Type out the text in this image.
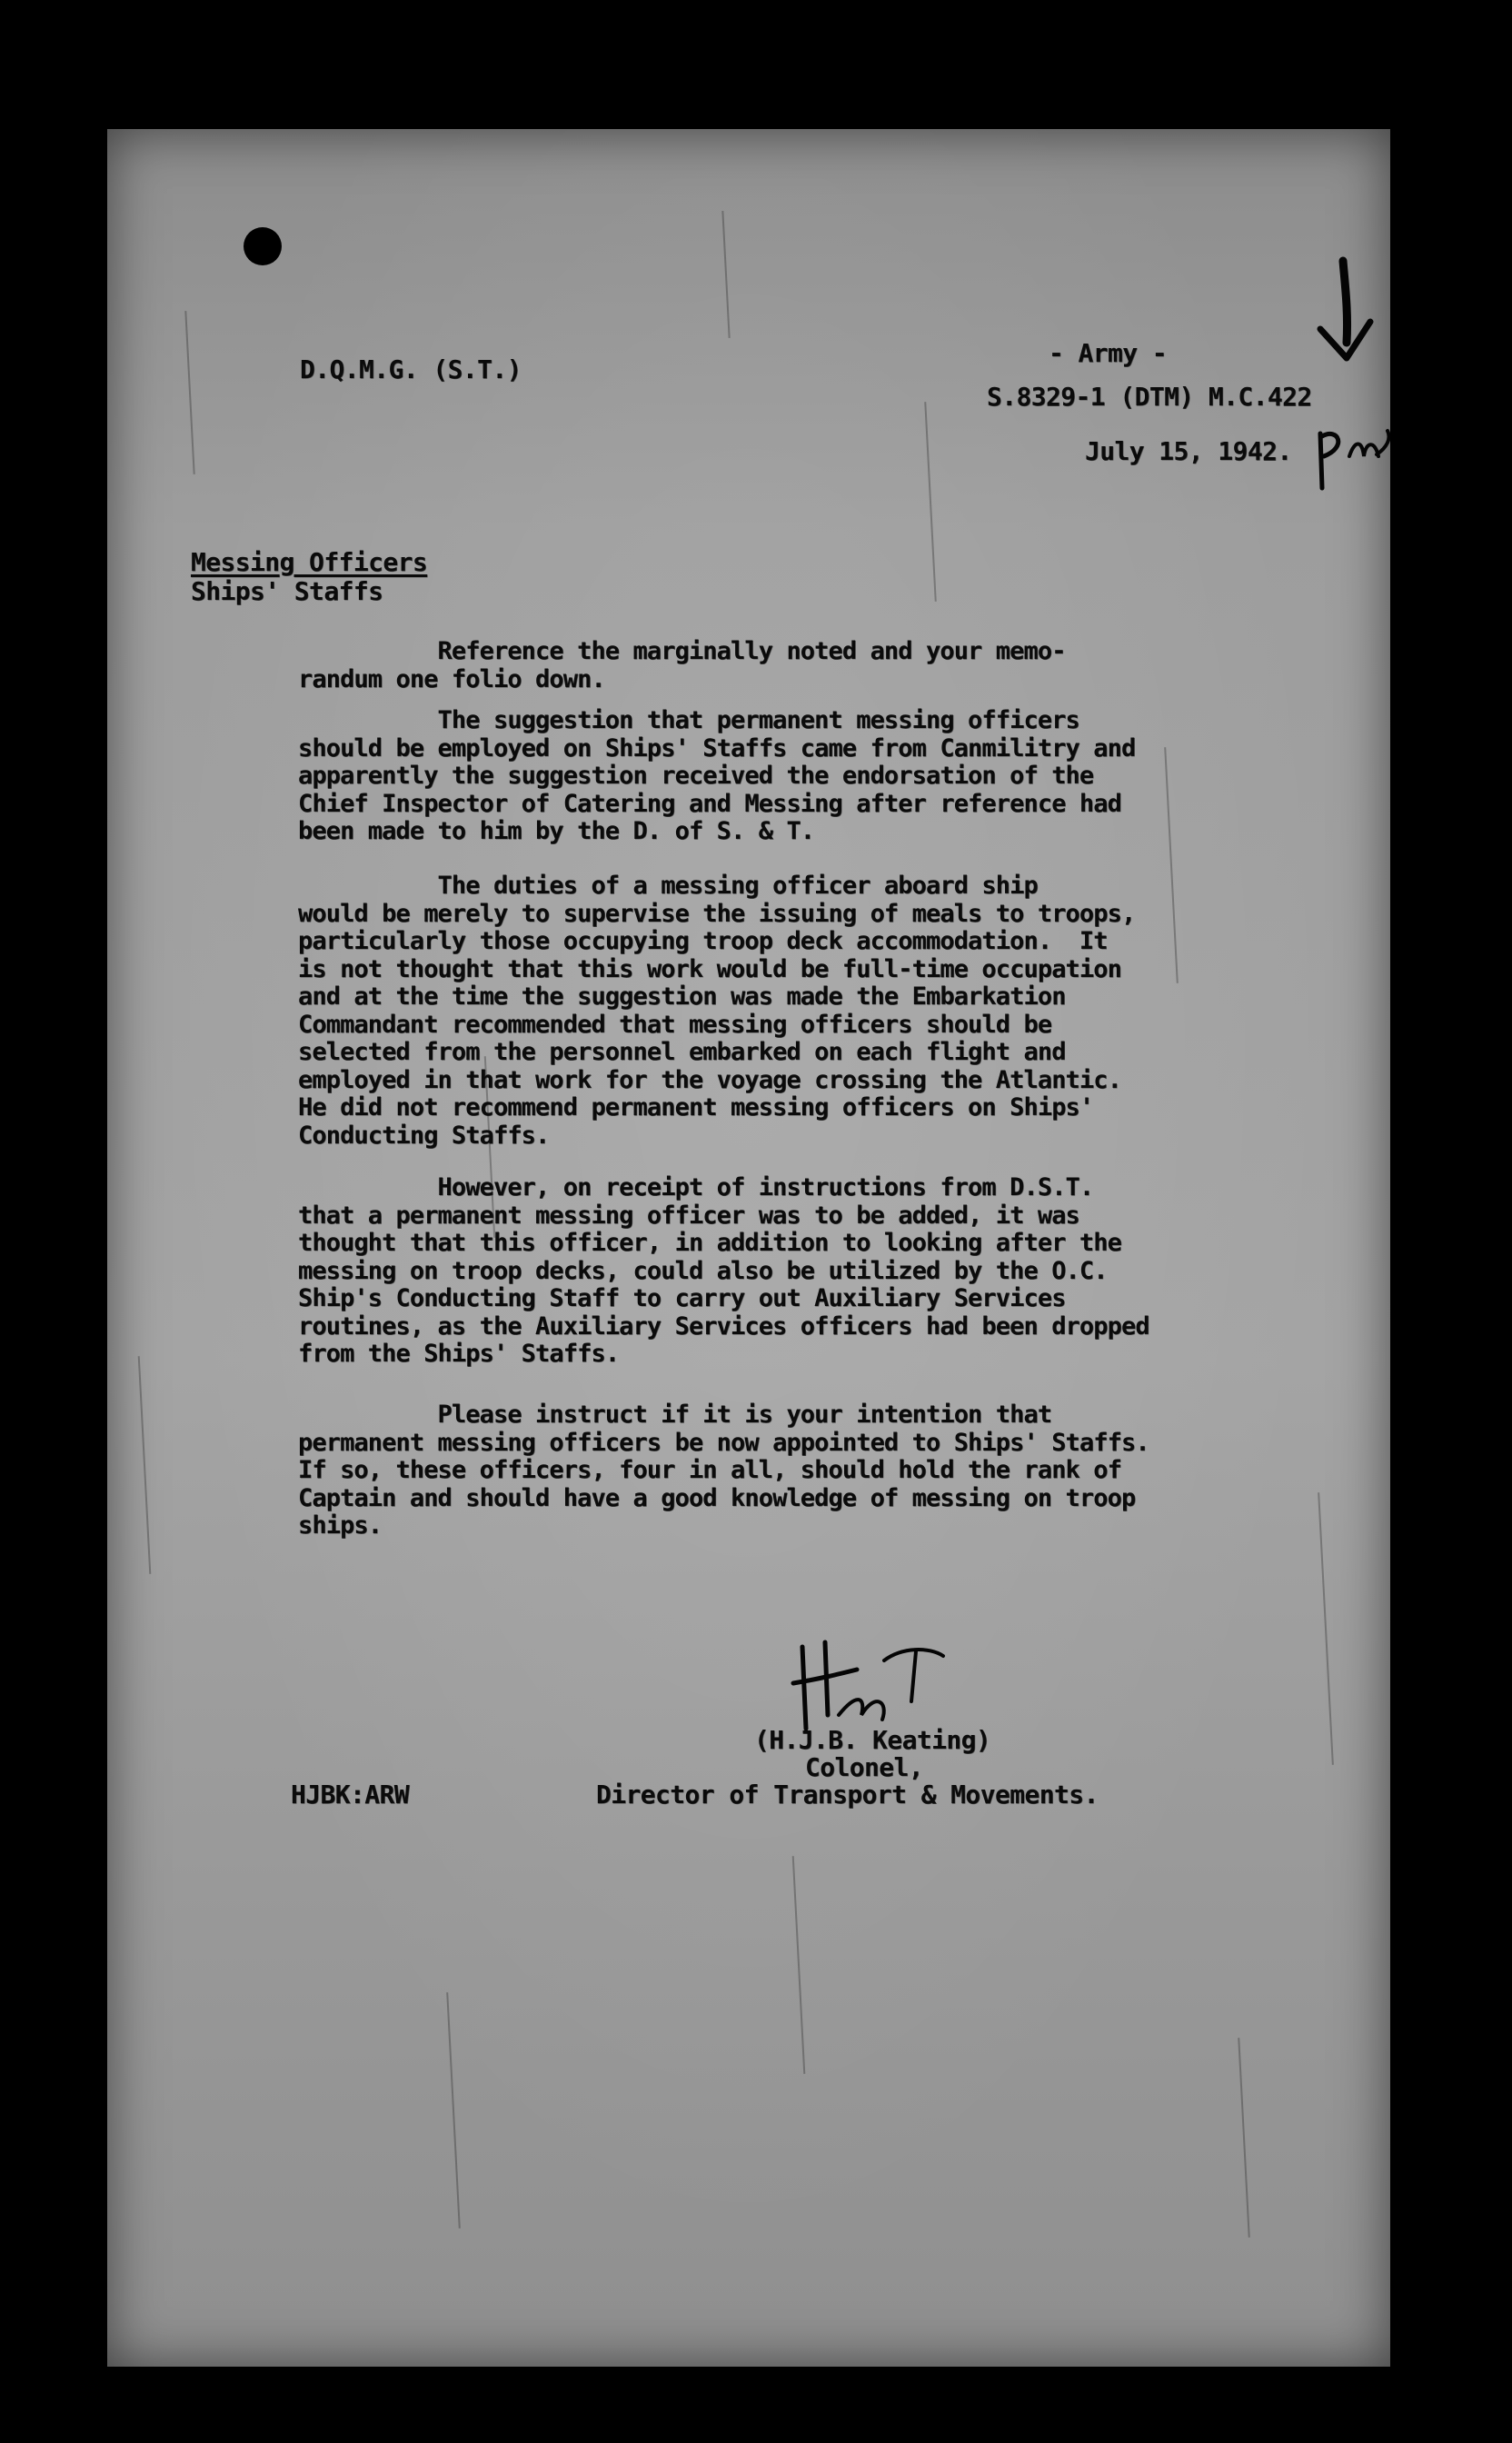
D.Q.M.G. (S.T.)
- Army -
S.8329-1 (DTM) M.C.422
July 15, 1942.
Messing Officers
Ships' Staffs
Reference the marginally noted and your memo-
randum one folio down.
The suggestion that permanent messing officers
should be employed on Ships' Staffs came from Canmilitry and
apparently the suggestion received the endorsation of the
Chief Inspector of Catering and Messing after reference had
been made to him by the D. of S. & T.
The duties of a messing officer aboard ship
would be merely to supervise the issuing of meals to troops,
particularly those occupying troop deck accommodation.  It
is not thought that this work would be full-time occupation
and at the time the suggestion was made the Embarkation
Commandant recommended that messing officers should be
selected from the personnel embarked on each flight and
employed in that work for the voyage crossing the Atlantic.
He did not recommend permanent messing officers on Ships'
Conducting Staffs.
However, on receipt of instructions from D.S.T.
that a permanent messing officer was to be added, it was
thought that this officer, in addition to looking after the
messing on troop decks, could also be utilized by the O.C.
Ship's Conducting Staff to carry out Auxiliary Services
routines, as the Auxiliary Services officers had been dropped
from the Ships' Staffs.
Please instruct if it is your intention that
permanent messing officers be now appointed to Ships' Staffs.
If so, these officers, four in all, should hold the rank of
Captain and should have a good knowledge of messing on troop
ships.
(H.J.B. Keating)
Colonel,
Director of Transport & Movements.
HJBK:ARW
